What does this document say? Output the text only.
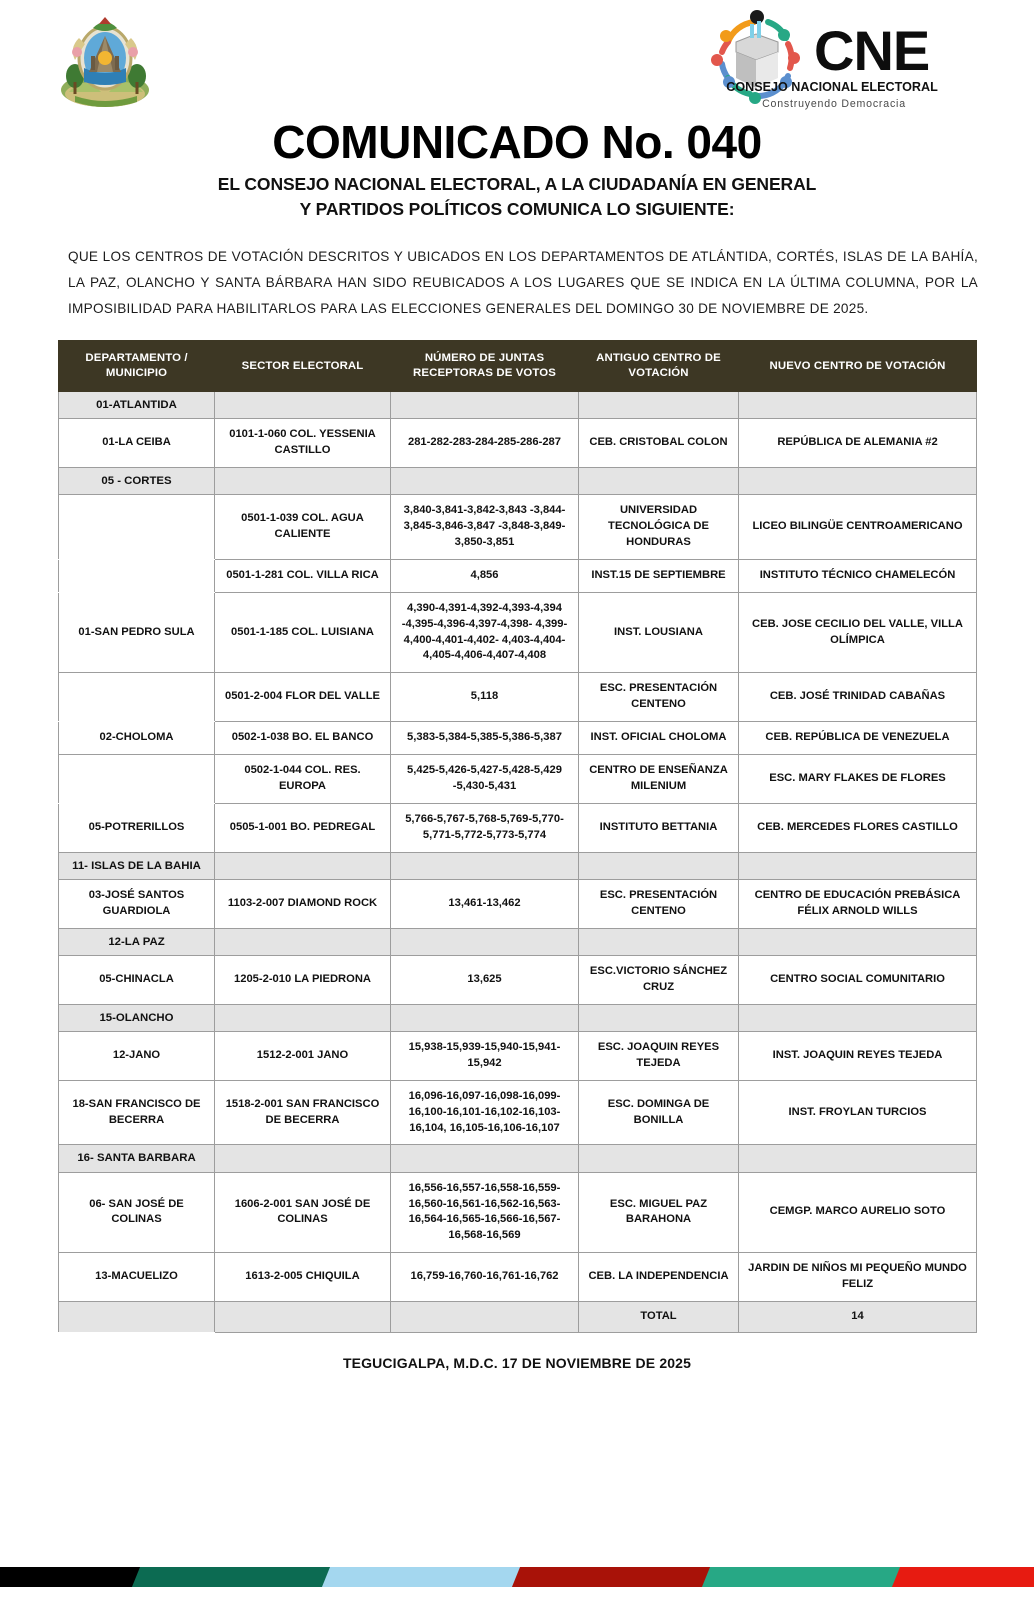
CNE
CONSEJO NACIONAL ELECTORAL
Construyendo Democracia
COMUNICADO No. 040
EL CONSEJO NACIONAL ELECTORAL, A LA CIUDADANÍA EN GENERAL
Y PARTIDOS POLÍTICOS COMUNICA LO SIGUIENTE:

QUE LOS CENTROS DE VOTACIÓN DESCRITOS Y UBICADOS EN LOS DEPARTAMENTOS DE ATLÁNTIDA, CORTÉS, ISLAS DE LA BAHÍA, LA PAZ, OLANCHO Y SANTA BÁRBARA HAN SIDO REUBICADOS A LOS LUGARES QUE SE INDICA EN LA ÚLTIMA COLUMNA, POR LA IMPOSIBILIDAD PARA HABILITARLOS PARA LAS ELECCIONES GENERALES DEL DOMINGO 30 DE NOVIEMBRE DE 2025.

DEPARTAMENTO / MUNICIPIO	SECTOR ELECTORAL	NÚMERO DE JUNTAS RECEPTORAS DE VOTOS	ANTIGUO CENTRO DE VOTACIÓN	NUEVO CENTRO DE VOTACIÓN
01-ATLANTIDA				
01-LA CEIBA	0101-1-060 COL. YESSENIA CASTILLO	281-282-283-284-285-286-287	CEB. CRISTOBAL COLON	REPÚBLICA DE ALEMANIA #2
05 - CORTES				
	0501-1-039 COL. AGUA CALIENTE	3,840-3,841-3,842-3,843 -3,844-3,845-3,846-3,847 -3,848-3,849-3,850-3,851	UNIVERSIDAD TECNOLÓGICA DE HONDURAS	LICEO BILINGÜE CENTROAMERICANO
	0501-1-281 COL. VILLA RICA	4,856	INST.15 DE SEPTIEMBRE	INSTITUTO TÉCNICO CHAMELECÓN
01-SAN PEDRO SULA	0501-1-185 COL. LUISIANA	4,390-4,391-4,392-4,393-4,394 -4,395-4,396-4,397-4,398- 4,399-4,400-4,401-4,402- 4,403-4,404-4,405-4,406-4,407-4,408	INST. LOUSIANA	CEB. JOSE CECILIO DEL VALLE, VILLA OLÍMPICA
	0501-2-004 FLOR DEL VALLE	5,118	ESC. PRESENTACIÓN CENTENO	CEB. JOSÉ TRINIDAD CABAÑAS
02-CHOLOMA	0502-1-038 BO. EL BANCO	5,383-5,384-5,385-5,386-5,387	INST. OFICIAL CHOLOMA	CEB. REPÚBLICA DE VENEZUELA
	0502-1-044 COL. RES. EUROPA	5,425-5,426-5,427-5,428-5,429 -5,430-5,431	CENTRO DE ENSEÑANZA MILENIUM	ESC. MARY FLAKES DE FLORES
05-POTRERILLOS	0505-1-001 BO. PEDREGAL	5,766-5,767-5,768-5,769-5,770-5,771-5,772-5,773-5,774	INSTITUTO BETTANIA	CEB. MERCEDES FLORES CASTILLO
11- ISLAS DE LA BAHIA				
03-JOSÉ SANTOS GUARDIOLA	1103-2-007 DIAMOND ROCK	13,461-13,462	ESC. PRESENTACIÓN CENTENO	CENTRO DE EDUCACIÓN PREBÁSICA FÉLIX ARNOLD WILLS
12-LA PAZ				
05-CHINACLA	1205-2-010 LA PIEDRONA	13,625	ESC.VICTORIO SÁNCHEZ CRUZ	CENTRO SOCIAL COMUNITARIO
15-OLANCHO				
12-JANO	1512-2-001 JANO	15,938-15,939-15,940-15,941-15,942	ESC. JOAQUIN REYES TEJEDA	INST. JOAQUIN REYES TEJEDA
18-SAN FRANCISCO DE BECERRA	1518-2-001 SAN FRANCISCO DE BECERRA	16,096-16,097-16,098-16,099-16,100-16,101-16,102-16,103-16,104, 16,105-16,106-16,107	ESC. DOMINGA DE BONILLA	INST. FROYLAN TURCIOS
16- SANTA BARBARA				
06- SAN JOSÉ DE COLINAS	1606-2-001 SAN JOSÉ DE COLINAS	16,556-16,557-16,558-16,559-16,560-16,561-16,562-16,563-16,564-16,565-16,566-16,567-16,568-16,569	ESC. MIGUEL PAZ BARAHONA	CEMGP. MARCO AURELIO SOTO
13-MACUELIZO	1613-2-005 CHIQUILA	16,759-16,760-16,761-16,762	CEB. LA INDEPENDENCIA	JARDIN DE NIÑOS MI PEQUEÑO MUNDO FELIZ
			TOTAL	14
TEGUCIGALPA, M.D.C. 17 DE NOVIEMBRE DE 2025
